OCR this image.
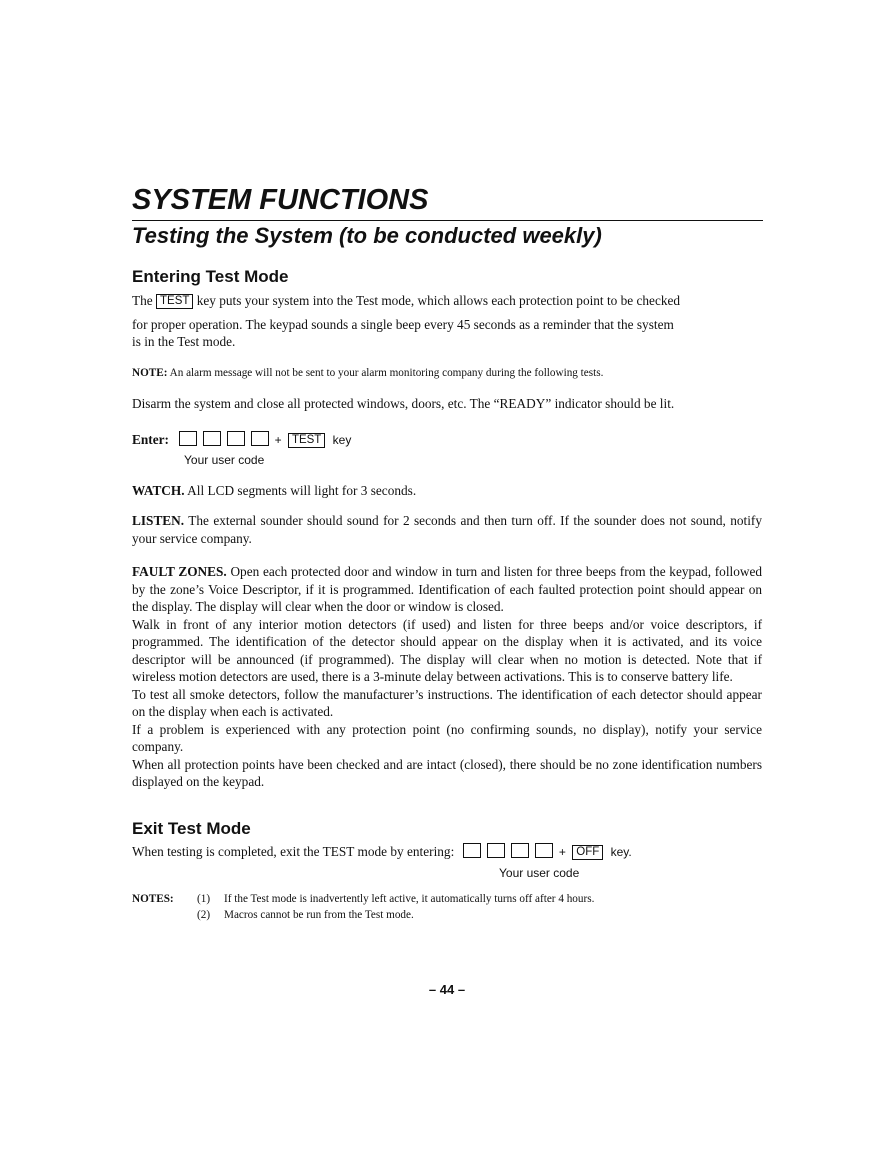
SYSTEM FUNCTIONS
Testing the System (to be conducted weekly)
Entering Test Mode
The TEST key puts your system into the Test mode, which allows each protection point to be checked
for proper operation. The keypad sounds a single beep every 45 seconds as a reminder that the system
is in the Test mode.
NOTE: An alarm message will not be sent to your alarm monitoring company during the following tests.
Disarm the system and close all protected windows, doors, etc. The “READY” indicator should be lit.
Enter:	+ TEST key
Your user code
WATCH. All LCD segments will light for 3 seconds.
LISTEN. The external sounder should sound for 2 seconds and then turn off. If the sounder does not sound, notify your service company.
FAULT ZONES. Open each protected door and window in turn and listen for three beeps from the keypad, followed by the zone’s Voice Descriptor, if it is programmed. Identification of each faulted protection point should appear on the display. The display will clear when the door or window is closed.
Walk in front of any interior motion detectors (if used) and listen for three beeps and/or voice descriptors, if programmed. The identification of the detector should appear on the display when it is activated, and its voice descriptor will be announced (if programmed). The display will clear when no motion is detected. Note that if wireless motion detectors are used, there is a 3-minute delay between activations. This is to conserve battery life.
To test all smoke detectors, follow the manufacturer’s instructions. The identification of each detector should appear on the display when each is activated.
If a problem is experienced with any protection point (no confirming sounds, no display), notify your service company.
When all protection points have been checked and are intact (closed), there should be no zone identification numbers displayed on the keypad.
Exit Test Mode
When testing is completed, exit the TEST mode by entering:	+ OFF key.
Your user code
NOTES: (1) If the Test mode is inadvertently left active, it automatically turns off after 4 hours.
(2) Macros cannot be run from the Test mode.
– 44 –
